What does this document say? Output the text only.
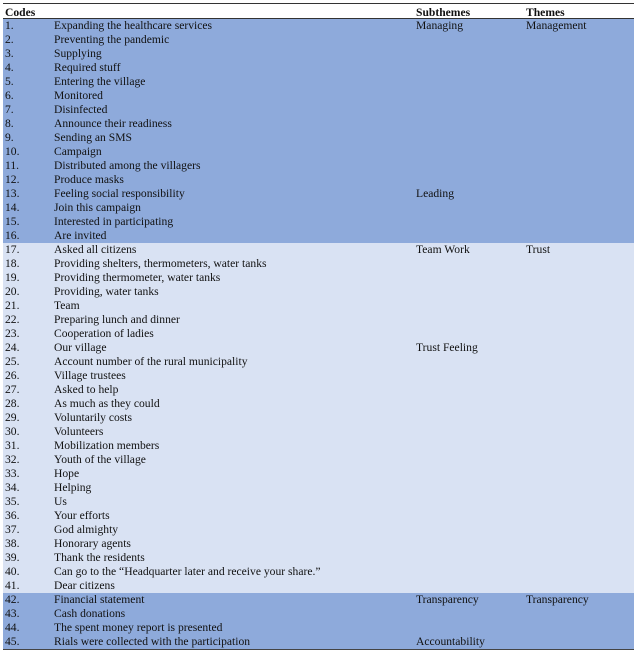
Codes	Subthemes	Themes
1.	Expanding the healthcare services	Managing	Management
2.	Preventing the pandemic
3.	Supplying
4.	Required stuff
5.	Entering the village
6.	Monitored
7.	Disinfected
8.	Announce their readiness
9.	Sending an SMS
10.	Campaign
11.	Distributed among the villagers
12.	Produce masks
13.	Feeling social responsibility	Leading
14.	Join this campaign
15.	Interested in participating
16.	Are invited
17.	Asked all citizens	Team Work	Trust
18.	Providing shelters, thermometers, water tanks
19.	Providing thermometer, water tanks
20.	Providing, water tanks
21.	Team
22.	Preparing lunch and dinner
23.	Cooperation of ladies
24.	Our village	Trust Feeling
25.	Account number of the rural municipality
26.	Village trustees
27.	Asked to help
28.	As much as they could
29.	Voluntarily costs
30.	Volunteers
31.	Mobilization members
32.	Youth of the village
33.	Hope
34.	Helping
35.	Us
36.	Your efforts
37.	God almighty
38.	Honorary agents
39.	Thank the residents
40.	Can go to the “Headquarter later and receive your share.”
41.	Dear citizens
42.	Financial statement	Transparency	Transparency
43.	Cash donations
44.	The spent money report is presented
45.	Rials were collected with the participation	Accountability
